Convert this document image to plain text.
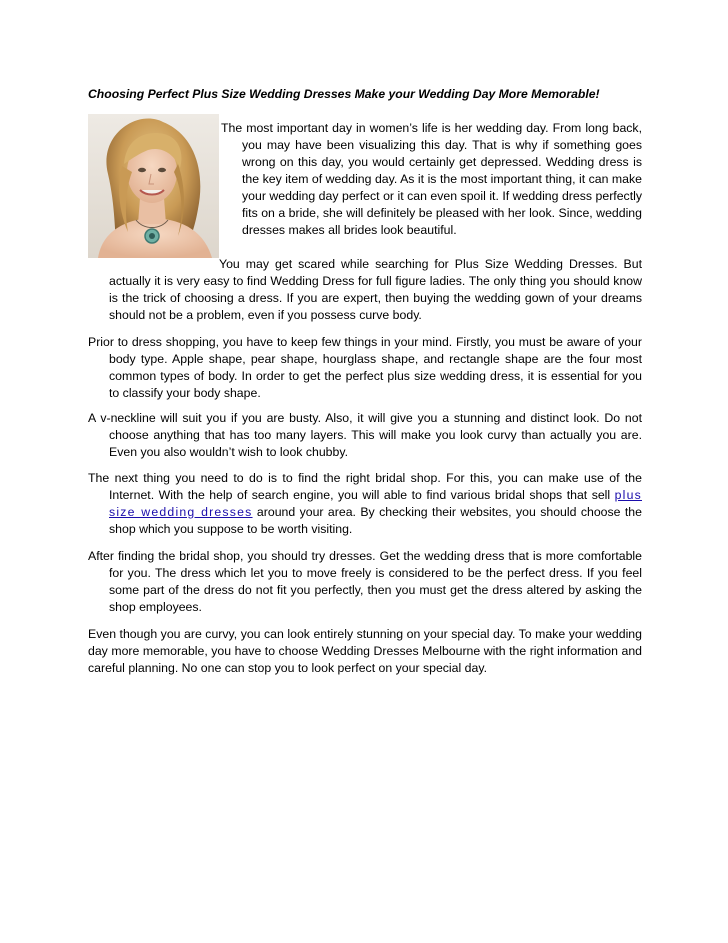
Choosing Perfect Plus Size Wedding Dresses Make your Wedding Day More Memorable!
The most important day in women’s life is her wedding day. From long back, you may have been visualizing this day. That is why if something goes wrong on this day, you would certainly get depressed. Wedding dress is the key item of wedding day. As it is the most important thing, it can make your wedding day perfect or it can even spoil it. If wedding dress perfectly fits on a bride, she will definitely be pleased with her look. Since, wedding dresses makes all brides look beautiful.
You may get scared while searching for Plus Size Wedding Dresses. But actually it is very easy to find Wedding Dress for full figure ladies. The only thing you should know is the trick of choosing a dress. If you are expert, then buying the wedding gown of your dreams should not be a problem, even if you possess curve body.
Prior to dress shopping, you have to keep few things in your mind. Firstly, you must be aware of your body type. Apple shape, pear shape, hourglass shape, and rectangle shape are the four most common types of body. In order to get the perfect plus size wedding dress, it is essential for you to classify your body shape.
A v-neckline will suit you if you are busty. Also, it will give you a stunning and distinct look. Do not choose anything that has too many layers. This will make you look curvy than actually you are. Even you also wouldn’t wish to look chubby.
The next thing you need to do is to find the right bridal shop. For this, you can make use of the Internet. With the help of search engine, you will able to find various bridal shops that sell plus size wedding dresses around your area. By checking their websites, you should choose the shop which you suppose to be worth visiting.
After finding the bridal shop, you should try dresses. Get the wedding dress that is more comfortable for you. The dress which let you to move freely is considered to be the perfect dress. If you feel some part of the dress do not fit you perfectly, then you must get the dress altered by asking the shop employees.
Even though you are curvy, you can look entirely stunning on your special day. To make your wedding day more memorable, you have to choose Wedding Dresses Melbourne with the right information and careful planning. No one can stop you to look perfect on your special day.
